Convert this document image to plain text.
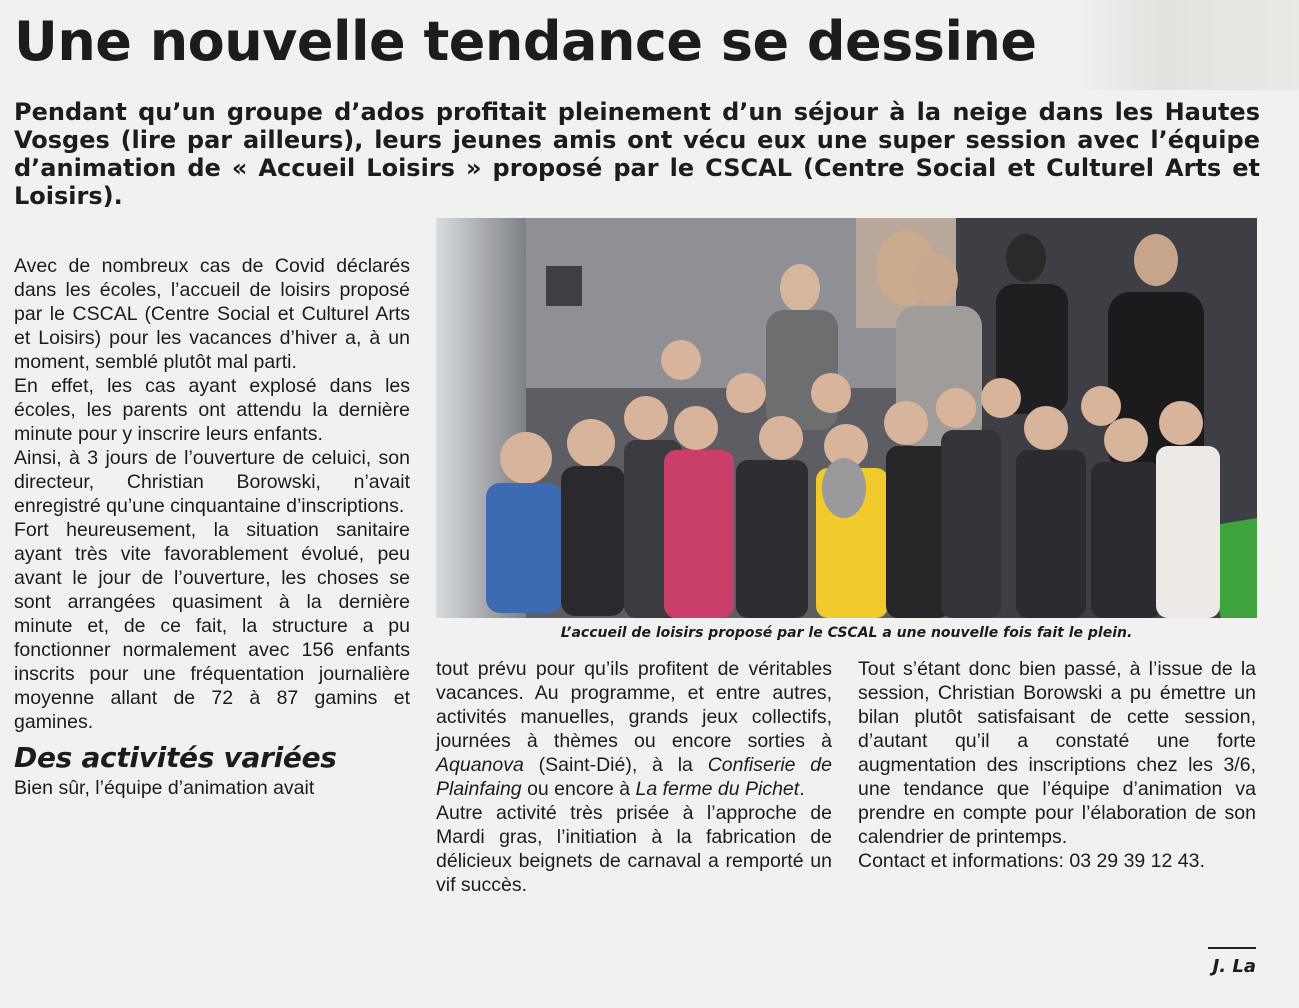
Une nouvelle tendance se dessine
Pendant qu’un groupe d’ados profitait pleinement d’un séjour à la neige dans les Hautes Vosges (lire par ailleurs), leurs jeunes amis ont vécu eux une super session avec l’équipe d’animation de « Accueil Loisirs » proposé par le CSCAL (Centre Social et Culturel Arts et Loisirs).
L’accueil de loisirs proposé par le CSCAL a une nouvelle fois fait le plein.

Avec de nombreux cas de Covid déclarés dans les écoles, l’accueil de loisirs proposé par le CSCAL (Centre Social et Culturel Arts et Loisirs) pour les vacances d’hiver a, à un moment, semblé plutôt mal parti.

En effet, les cas ayant explosé dans les écoles, les parents ont attendu la dernière minute pour y inscrire leurs enfants.

Ainsi, à 3 jours de l’ouverture de celuici, son directeur, Christian Borowski, n’avait enregistré qu’une cinquantaine d’inscriptions.

Fort heureusement, la situation sanitaire ayant très vite favorablement évolué, peu avant le jour de l’ouverture, les choses se sont arrangées quasiment à la dernière minute et, de ce fait, la structure a pu fonctionner normalement avec 156 enfants inscrits pour une fréquentation journalière moyenne allant de 72 à 87 gamins et gamines.

Des activités variées

Bien sûr, l’équipe d’animation avait

tout prévu pour qu’ils profitent de véritables vacances. Au programme, et entre autres, activités manuelles, grands jeux collectifs, journées à thèmes ou encore sorties à Aquanova (Saint-Dié), à la Confiserie de Plainfaing ou encore à La ferme du Pichet.

Autre activité très prisée à l’approche de Mardi gras, l’initiation à la fabrication de délicieux beignets de carnaval a remporté un vif succès.

Tout s’étant donc bien passé, à l’issue de la session, Christian Borowski a pu émettre un bilan plutôt satisfaisant de cette session, d’autant qu’il a constaté une forte augmentation des inscriptions chez les 3/6, une tendance que l’équipe d’animation va prendre en compte pour l’élaboration de son calendrier de printemps.

Contact et informations: 03 29 39 12 43.

J. La
